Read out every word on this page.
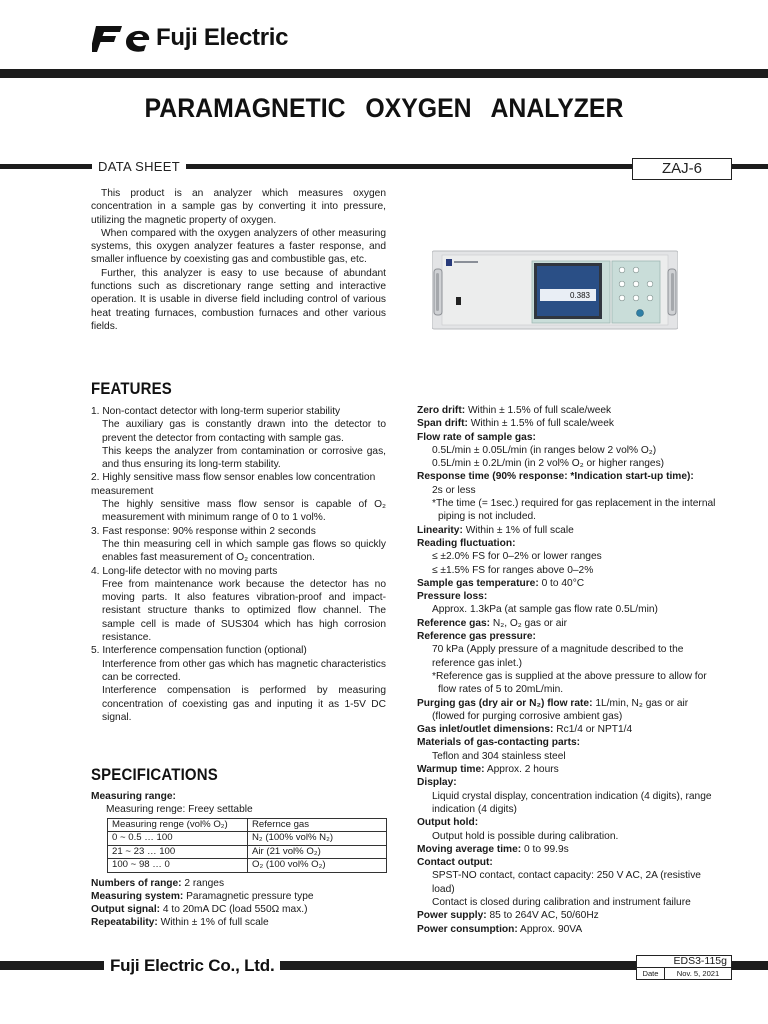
Fuji Electric
PARAMAGNETIC OXYGEN ANALYZER
DATA SHEET	ZAJ-6

This product is an analyzer which measures oxygen concentration in a sample gas by converting it into pressure, utilizing the magnetic property of oxygen.

When compared with the oxygen analyzers of other measuring systems, this oxygen analyzer features a faster response, and smaller influence by coexisting gas and combustible gas, etc.

Further, this analyzer is easy to use because of abundant functions such as discretionary range setting and interactive operation. It is usable in diverse field including control of various heat treating furnaces, combustion furnaces and other various fields.

0.383
FEATURES
1. Non-contact detector with long-term superior stability

The auxiliary gas is constantly drawn into the detector to prevent the detector from contacting with sample gas.

This keeps the analyzer from contamination or corrosive gas, and thus ensuring its long-term stability.

2. Highly sensitive mass flow sensor enables low concentration measurement

The highly sensitive mass flow sensor is capable of O₂ measurement with minimum range of 0 to 1 vol%.

3. Fast response: 90% response within 2 seconds

The thin measuring cell in which sample gas flows so quickly enables fast measurement of O₂ concentration.

4. Long-life detector with no moving parts

Free from maintenance work because the detector has no moving parts. It also features vibration-proof and impact-resistant structure thanks to optimized flow channel. The sample cell is made of SUS304 which has high corrosion resistance.

5. Interference compensation function (optional)

Interference from other gas which has magnetic characteristics can be corrected.

Interference compensation is performed by measuring concentration of coexisting gas and inputing it as 1-5V DC signal.

SPECIFICATIONS
Measuring range:
Measuring renge: Freey settable
Measuring renge (vol% O₂)	Refernce gas
0 ~ 0.5 … 100	N₂ (100% vol% N₂)
21 ~ 23 … 100	Air (21 vol% O₂)
100 ~ 98 … 0	O₂ (100 vol% O₂)
Numbers of range: 2 ranges
Measuring system: Paramagnetic pressure type
Output signal: 4 to 20mA DC (load 550Ω max.)
Repeatability: Within ± 1% of full scale
Zero drift: Within ± 1.5% of full scale/week
Span drift: Within ± 1.5% of full scale/week
Flow rate of sample gas:
0.5L/min ± 0.05L/min (in ranges below 2 vol% O₂)
0.5L/min ± 0.2L/min (in 2 vol% O₂ or higher ranges)
Response time (90% response: *Indication start-up time):
2s or less
*The time (= 1sec.) required for gas replacement in the internal piping is not included.
Linearity: Within ± 1% of full scale
Reading fluctuation:
≤ ±2.0% FS for 0–2% or lower ranges
≤ ±1.5% FS for ranges above 0–2%
Sample gas temperature: 0 to 40°C
Pressure loss:
Approx. 1.3kPa (at sample gas flow rate 0.5L/min)
Reference gas: N₂, O₂ gas or air
Reference gas pressure:
70 kPa (Apply pressure of a magnitude described to the reference gas inlet.)
*Reference gas is supplied at the above pressure to allow for flow rates of 5 to 20mL/min.
Purging gas (dry air or N₂) flow rate: 1L/min, N₂ gas or air
(flowed for purging corrosive ambient gas)
Gas inlet/outlet dimensions: Rc1/4 or NPT1/4
Materials of gas-contacting parts:
Teflon and 304 stainless steel
Warmup time: Approx. 2 hours
Display:
Liquid crystal display, concentration indication (4 digits), range indication (4 digits)
Output hold:
Output hold is possible during calibration.
Moving average time: 0 to 99.9s
Contact output:
SPST-NO contact, contact capacity: 250 V AC, 2A (resistive load)
Contact is closed during calibration and instrument failure
Power supply: 85 to 264V AC, 50/60Hz
Power consumption: Approx. 90VA
Fuji Electric Co., Ltd.	EDS3-115g
Date	Nov. 5, 2021
